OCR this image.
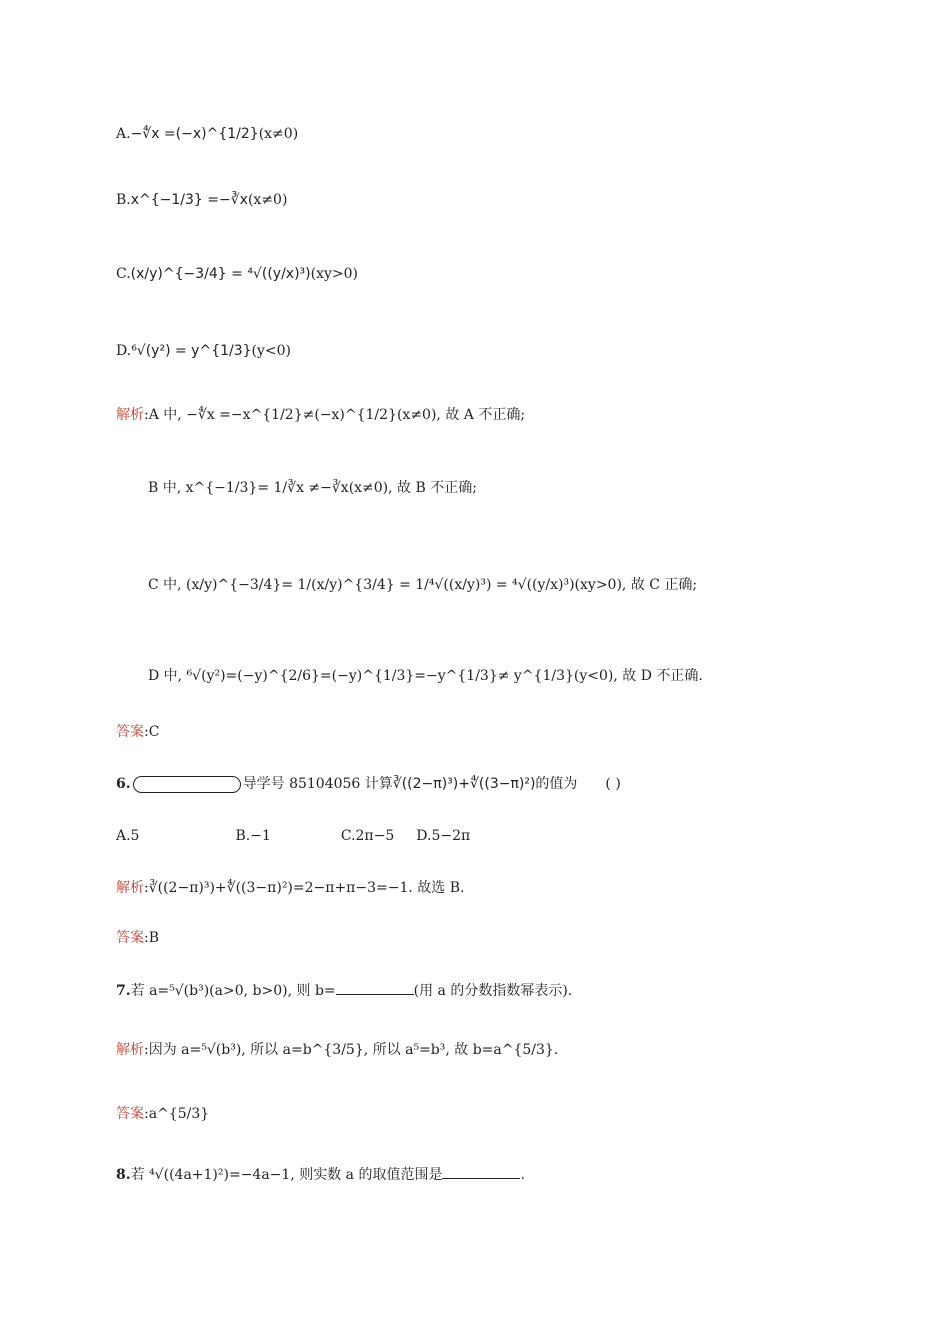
A.−∜x =(−x)^{1/2}(x≠0)
B.x^{−1/3} =−∛x(x≠0)
C.(x/y)^{−3/4} = ⁴√((y/x)³)(xy>0)
D.⁶√(y²) = y^{1/3}(y<0)
解析:A 中, −∜x =−x^{1/2}≠(−x)^{1/2}(x≠0), 故 A 不正确;
B 中, x^{−1/3}= 1/∛x ≠−∛x(x≠0), 故 B 不正确;
C 中, (x/y)^{−3/4}= 1/(x/y)^{3/4} = 1/⁴√((x/y)³) = ⁴√((y/x)³)(xy>0), 故 C 正确;
D 中, ⁶√(y²)=(−y)^{2/6}=(−y)^{1/3}=−y^{1/3}≠ y^{1/3}(y<0), 故 D 不正确.
答案:C
6.	导学号 85104056 计算∛((2−π)³)+∜((3−π)²)的值为 ( )
A.5	B.−1	C.2π−5 D.5−2π
解析:∛((2−π)³)+∜((3−π)²)=2−π+π−3=−1. 故选 B.
答案:B
7.若 a=⁵√(b³)(a>0, b>0), 则 b=	(用 a 的分数指数幂表示).
解析:因为 a=⁵√(b³), 所以 a=b^{3/5}, 所以 a⁵=b³, 故 b=a^{5/3}.
答案:a^{5/3}
8.若 ⁴√((4a+1)²)=−4a−1, 则实数 a 的取值范围是	.
